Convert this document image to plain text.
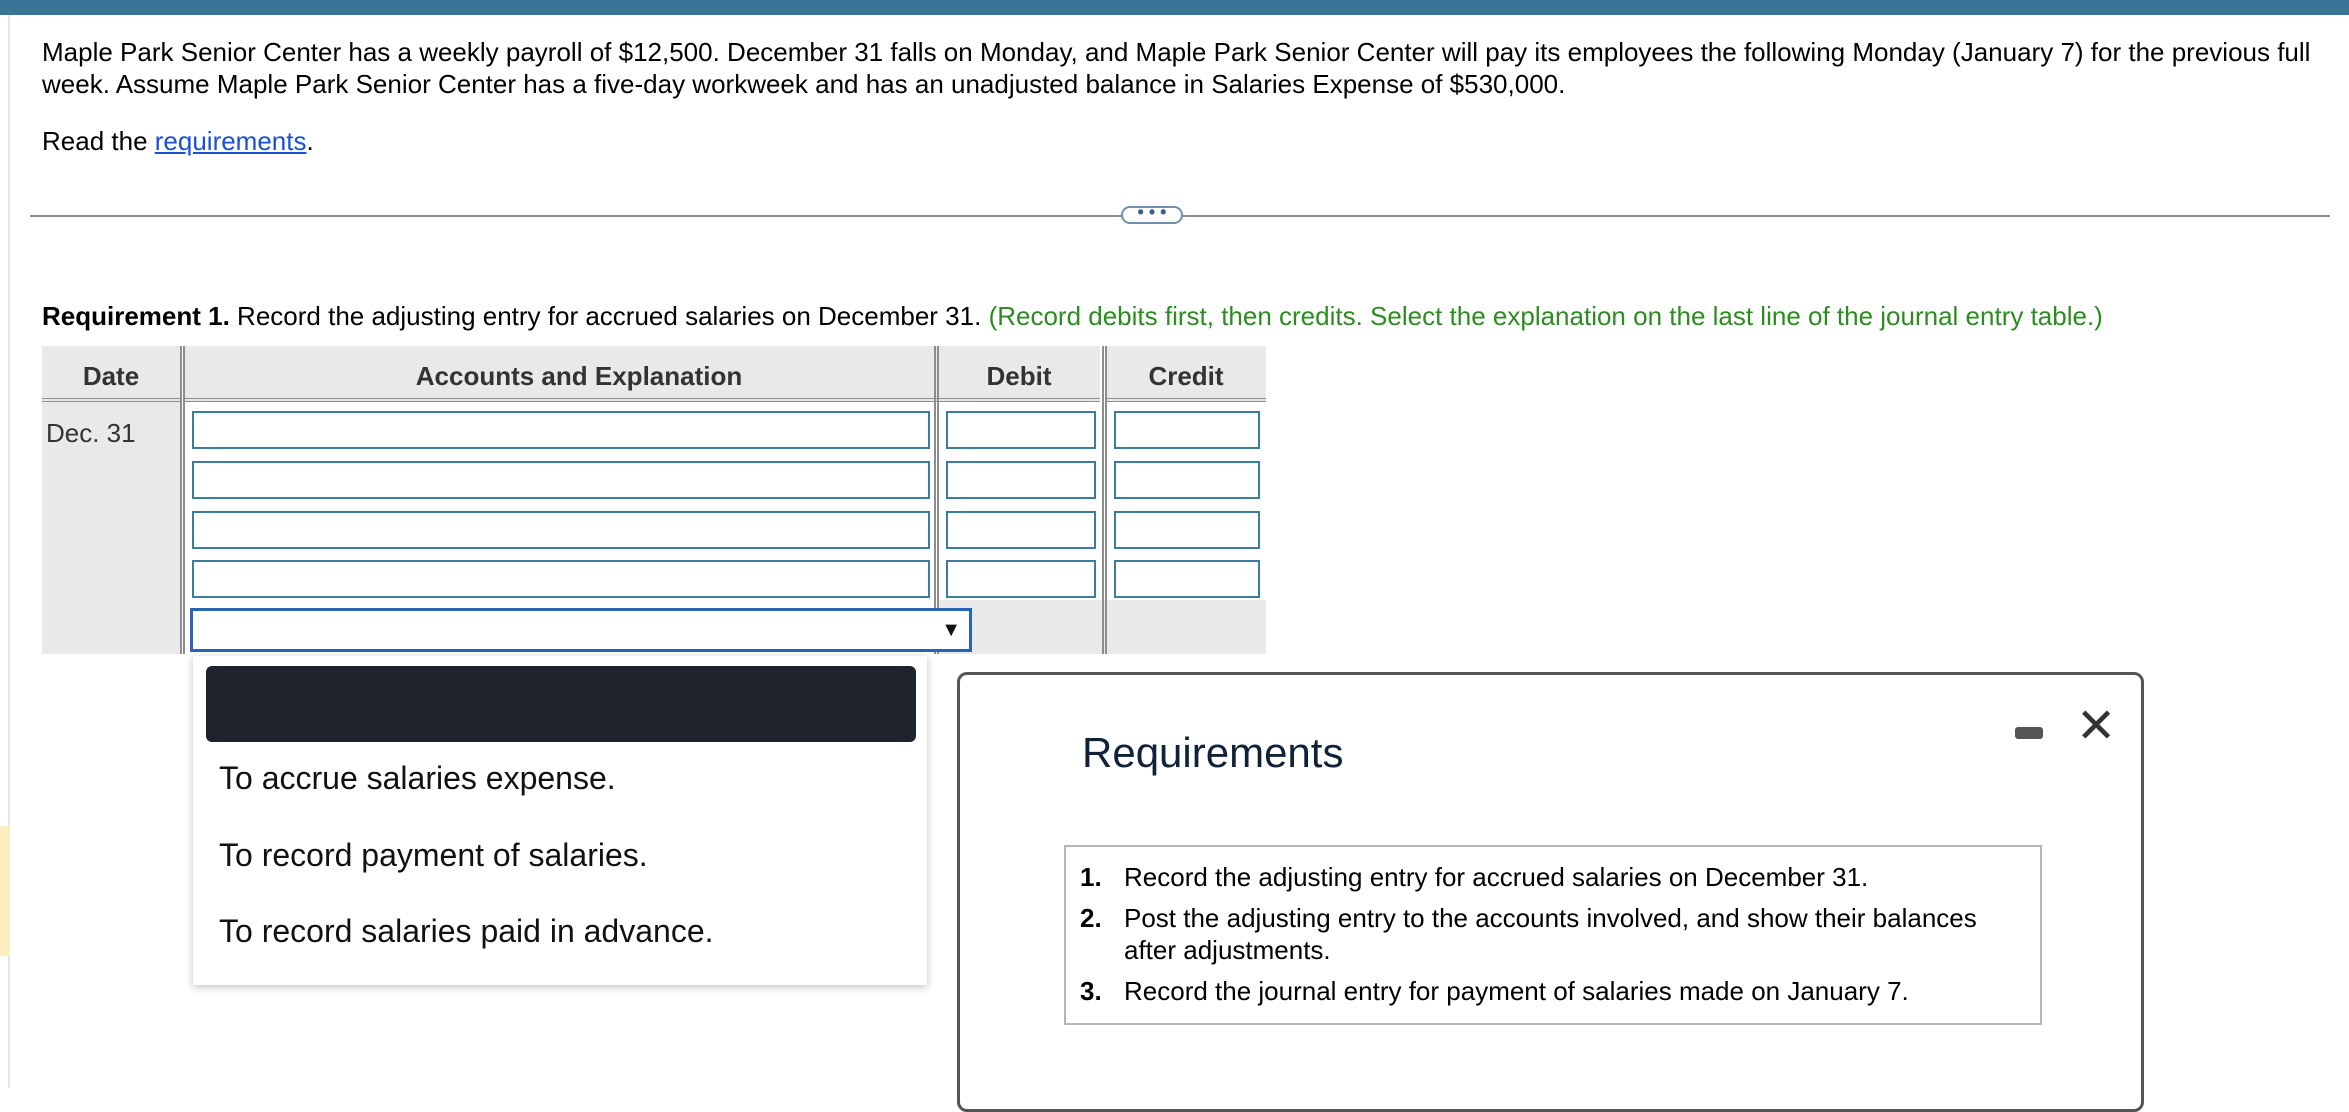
Maple Park Senior Center has a weekly payroll of $12,500. December 31 falls on Monday, and Maple Park Senior Center will pay its employees the following Monday (January 7) for the previous full week. Assume Maple Park Senior Center has a five-day workweek and has an unadjusted balance in Salaries Expense of $530,000.
Read the requirements.
• • •
Requirement 1. Record the adjusting entry for accrued salaries on December 31. (Record debits first, then credits. Select the explanation on the last line of the journal entry table.)
Date	Accounts and Explanation	Debit	Credit
Dec. 31
▼
To accrue salaries expense.
To record payment of salaries.
To record salaries paid in advance.
Requirements	✕
1. Record the adjusting entry for accrued salaries on December 31.
2. Post the adjusting entry to the accounts involved, and show their balances after adjustments.
3. Record the journal entry for payment of salaries made on January 7.
